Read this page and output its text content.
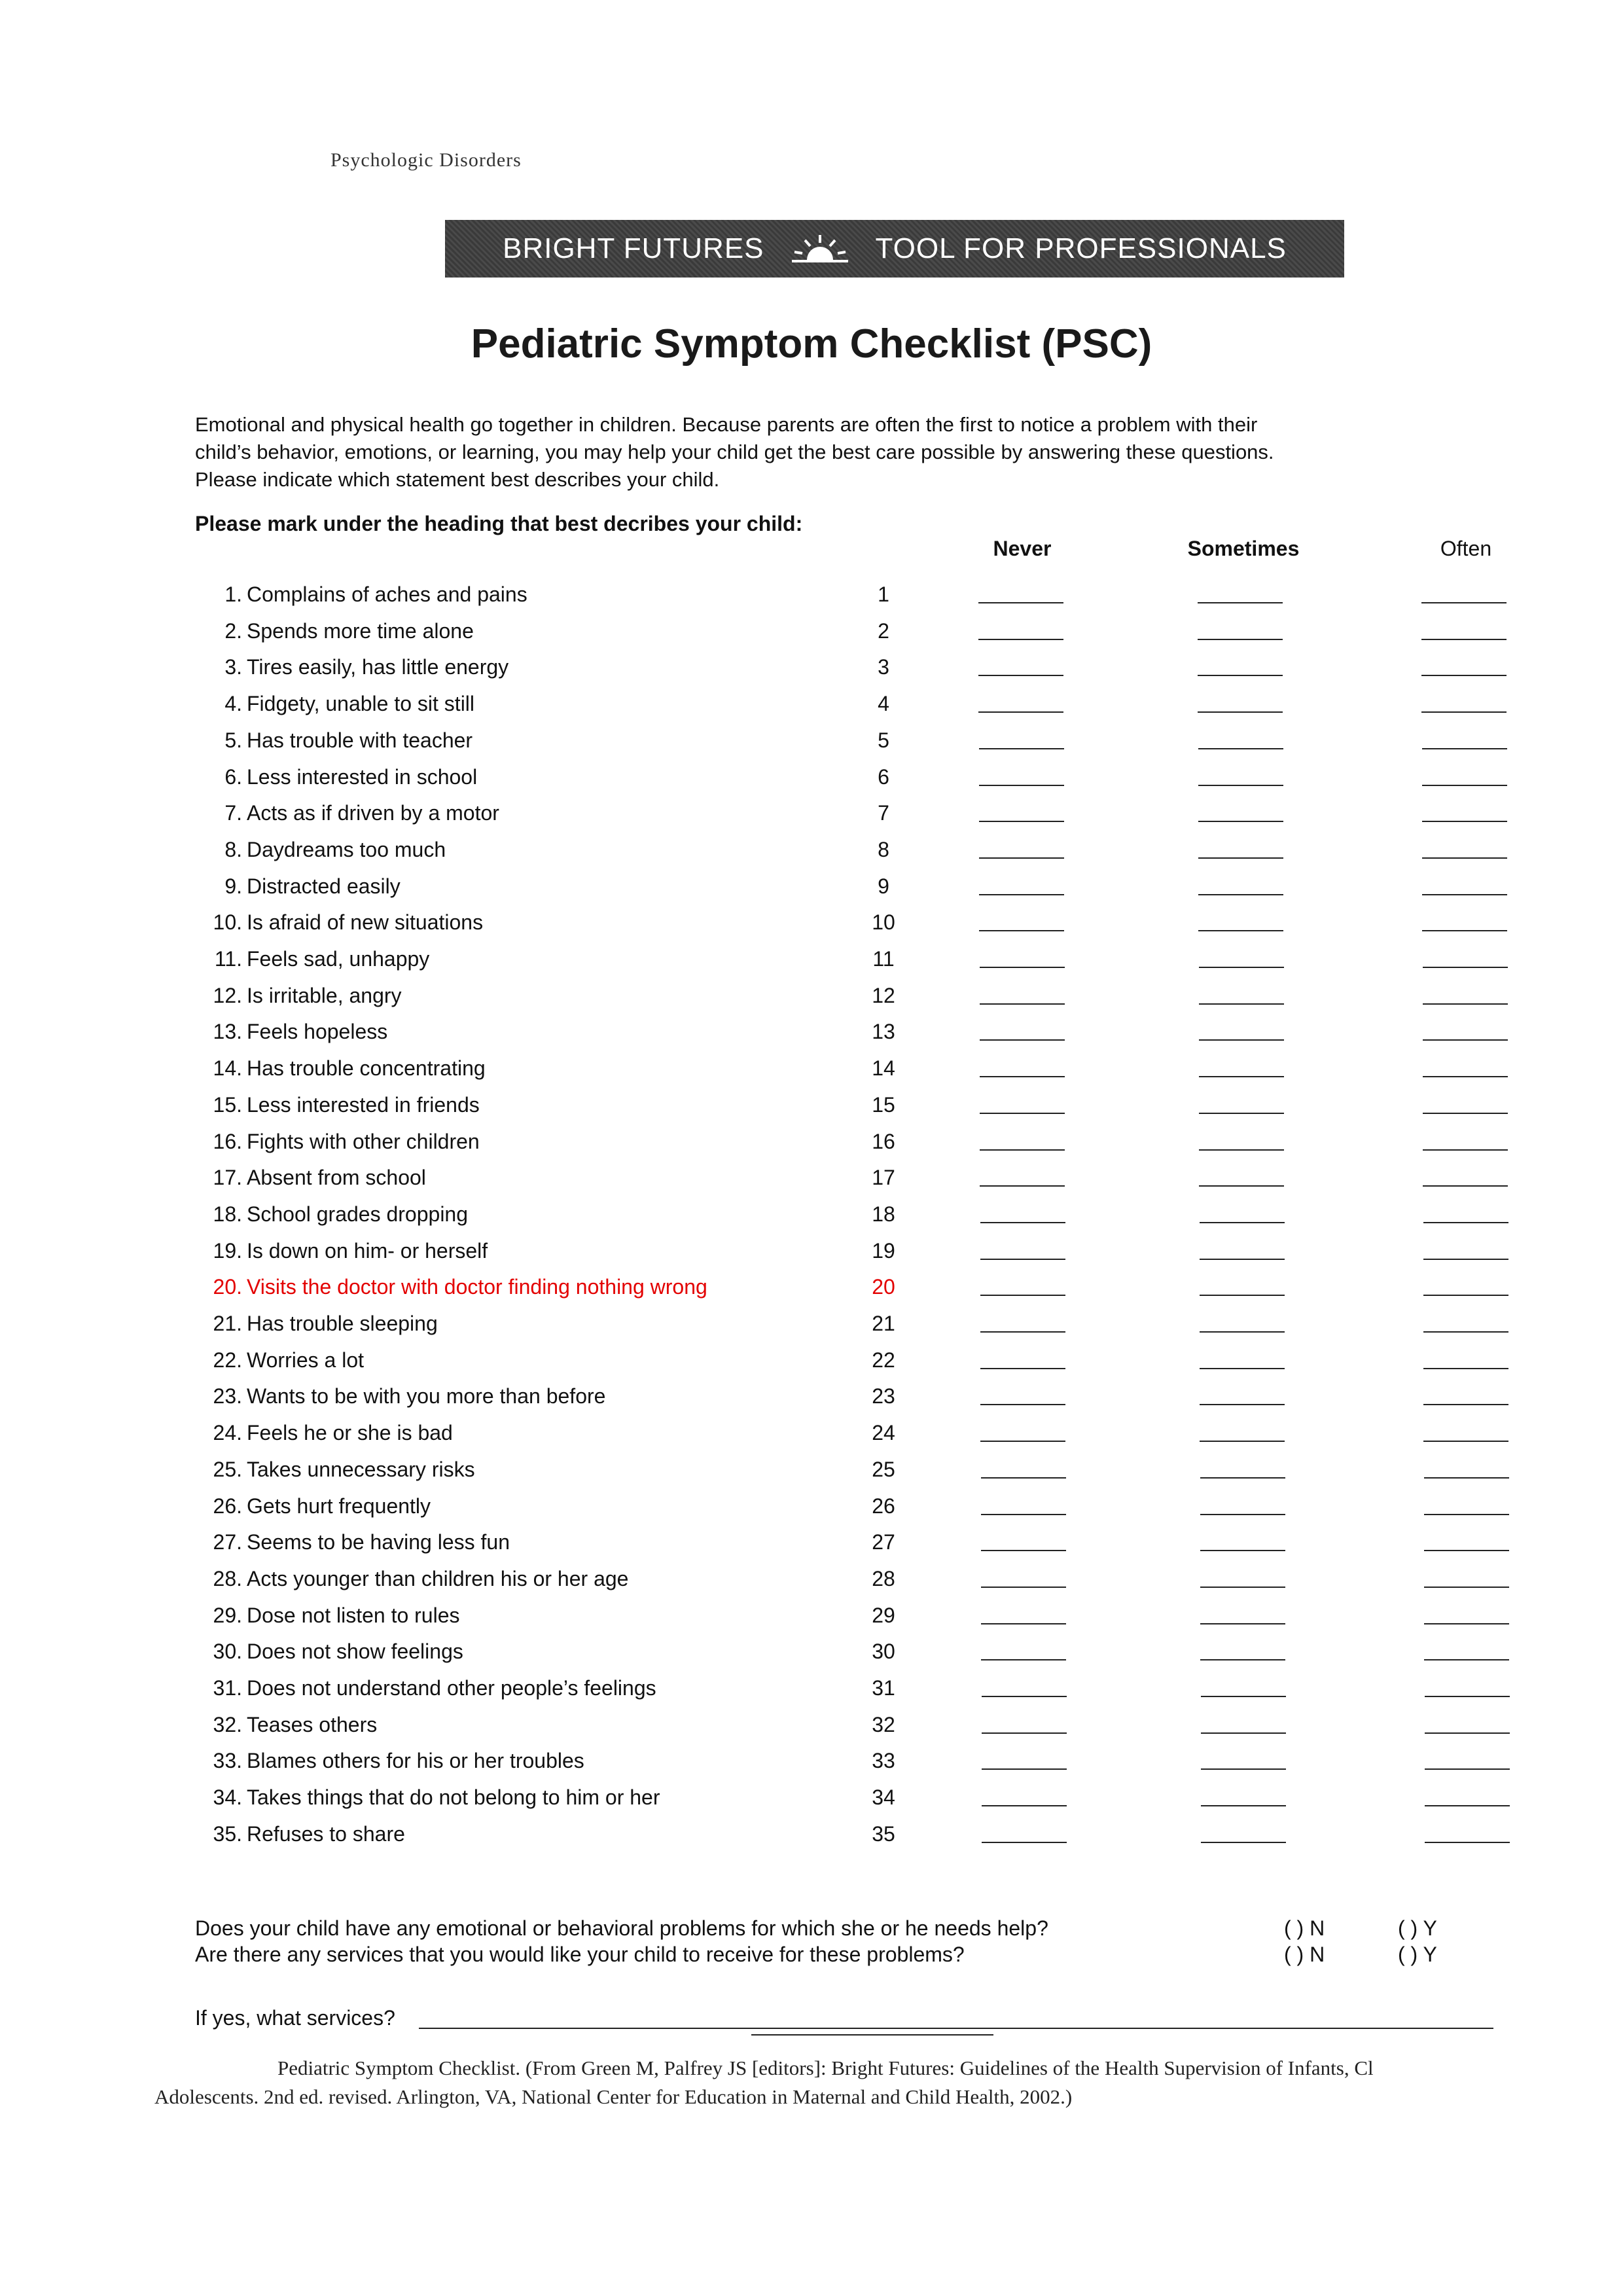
Psychologic Disorders
BRIGHT FUTURES	TOOL FOR PROFESSIONALS
Pediatric Symptom Checklist (PSC)
Emotional and physical health go together in children. Because parents are often the first to notice a problem with their
child’s behavior, emotions, or learning, you may help your child get the best care possible by answering these questions.
Please indicate which statement best describes your child.
Please mark under the heading that best decribes your child:
Never	Sometimes	Often
1. Complains of aches and pains	1
2. Spends more time alone	2
3. Tires easily, has little energy	3
4. Fidgety, unable to sit still	4
5. Has trouble with teacher	5
6. Less interested in school	6
7. Acts as if driven by a motor	7
8. Daydreams too much	8
9. Distracted easily	9
10. Is afraid of new situations	10
11. Feels sad, unhappy	11
12. Is irritable, angry	12
13. Feels hopeless	13
14. Has trouble concentrating	14
15. Less interested in friends	15
16. Fights with other children	16
17. Absent from school	17
18. School grades dropping	18
19. Is down on him- or herself	19
20. Visits the doctor with doctor finding nothing wrong	20
21. Has trouble sleeping	21
22. Worries a lot	22
23. Wants to be with you more than before	23
24. Feels he or she is bad	24
25. Takes unnecessary risks	25
26. Gets hurt frequently	26
27. Seems to be having less fun	27
28. Acts younger than children his or her age	28
29. Dose not listen to rules	29
30. Does not show feelings	30
31. Does not understand other people’s feelings	31
32. Teases others	32
33. Blames others for his or her troubles	33
34. Takes things that do not belong to him or her	34
35. Refuses to share	35
Does your child have any emotional or behavioral problems for which she or he needs help?	( ) N	( ) Y
Are there any services that you would like your child to receive for these problems?	( ) N	( ) Y
If yes, what services?
Pediatric Symptom Checklist. (From Green M, Palfrey JS [editors]: Bright Futures: Guidelines of the Health Supervision of Infants, Cl
Adolescents. 2nd ed. revised. Arlington, VA, National Center for Education in Maternal and Child Health, 2002.)
